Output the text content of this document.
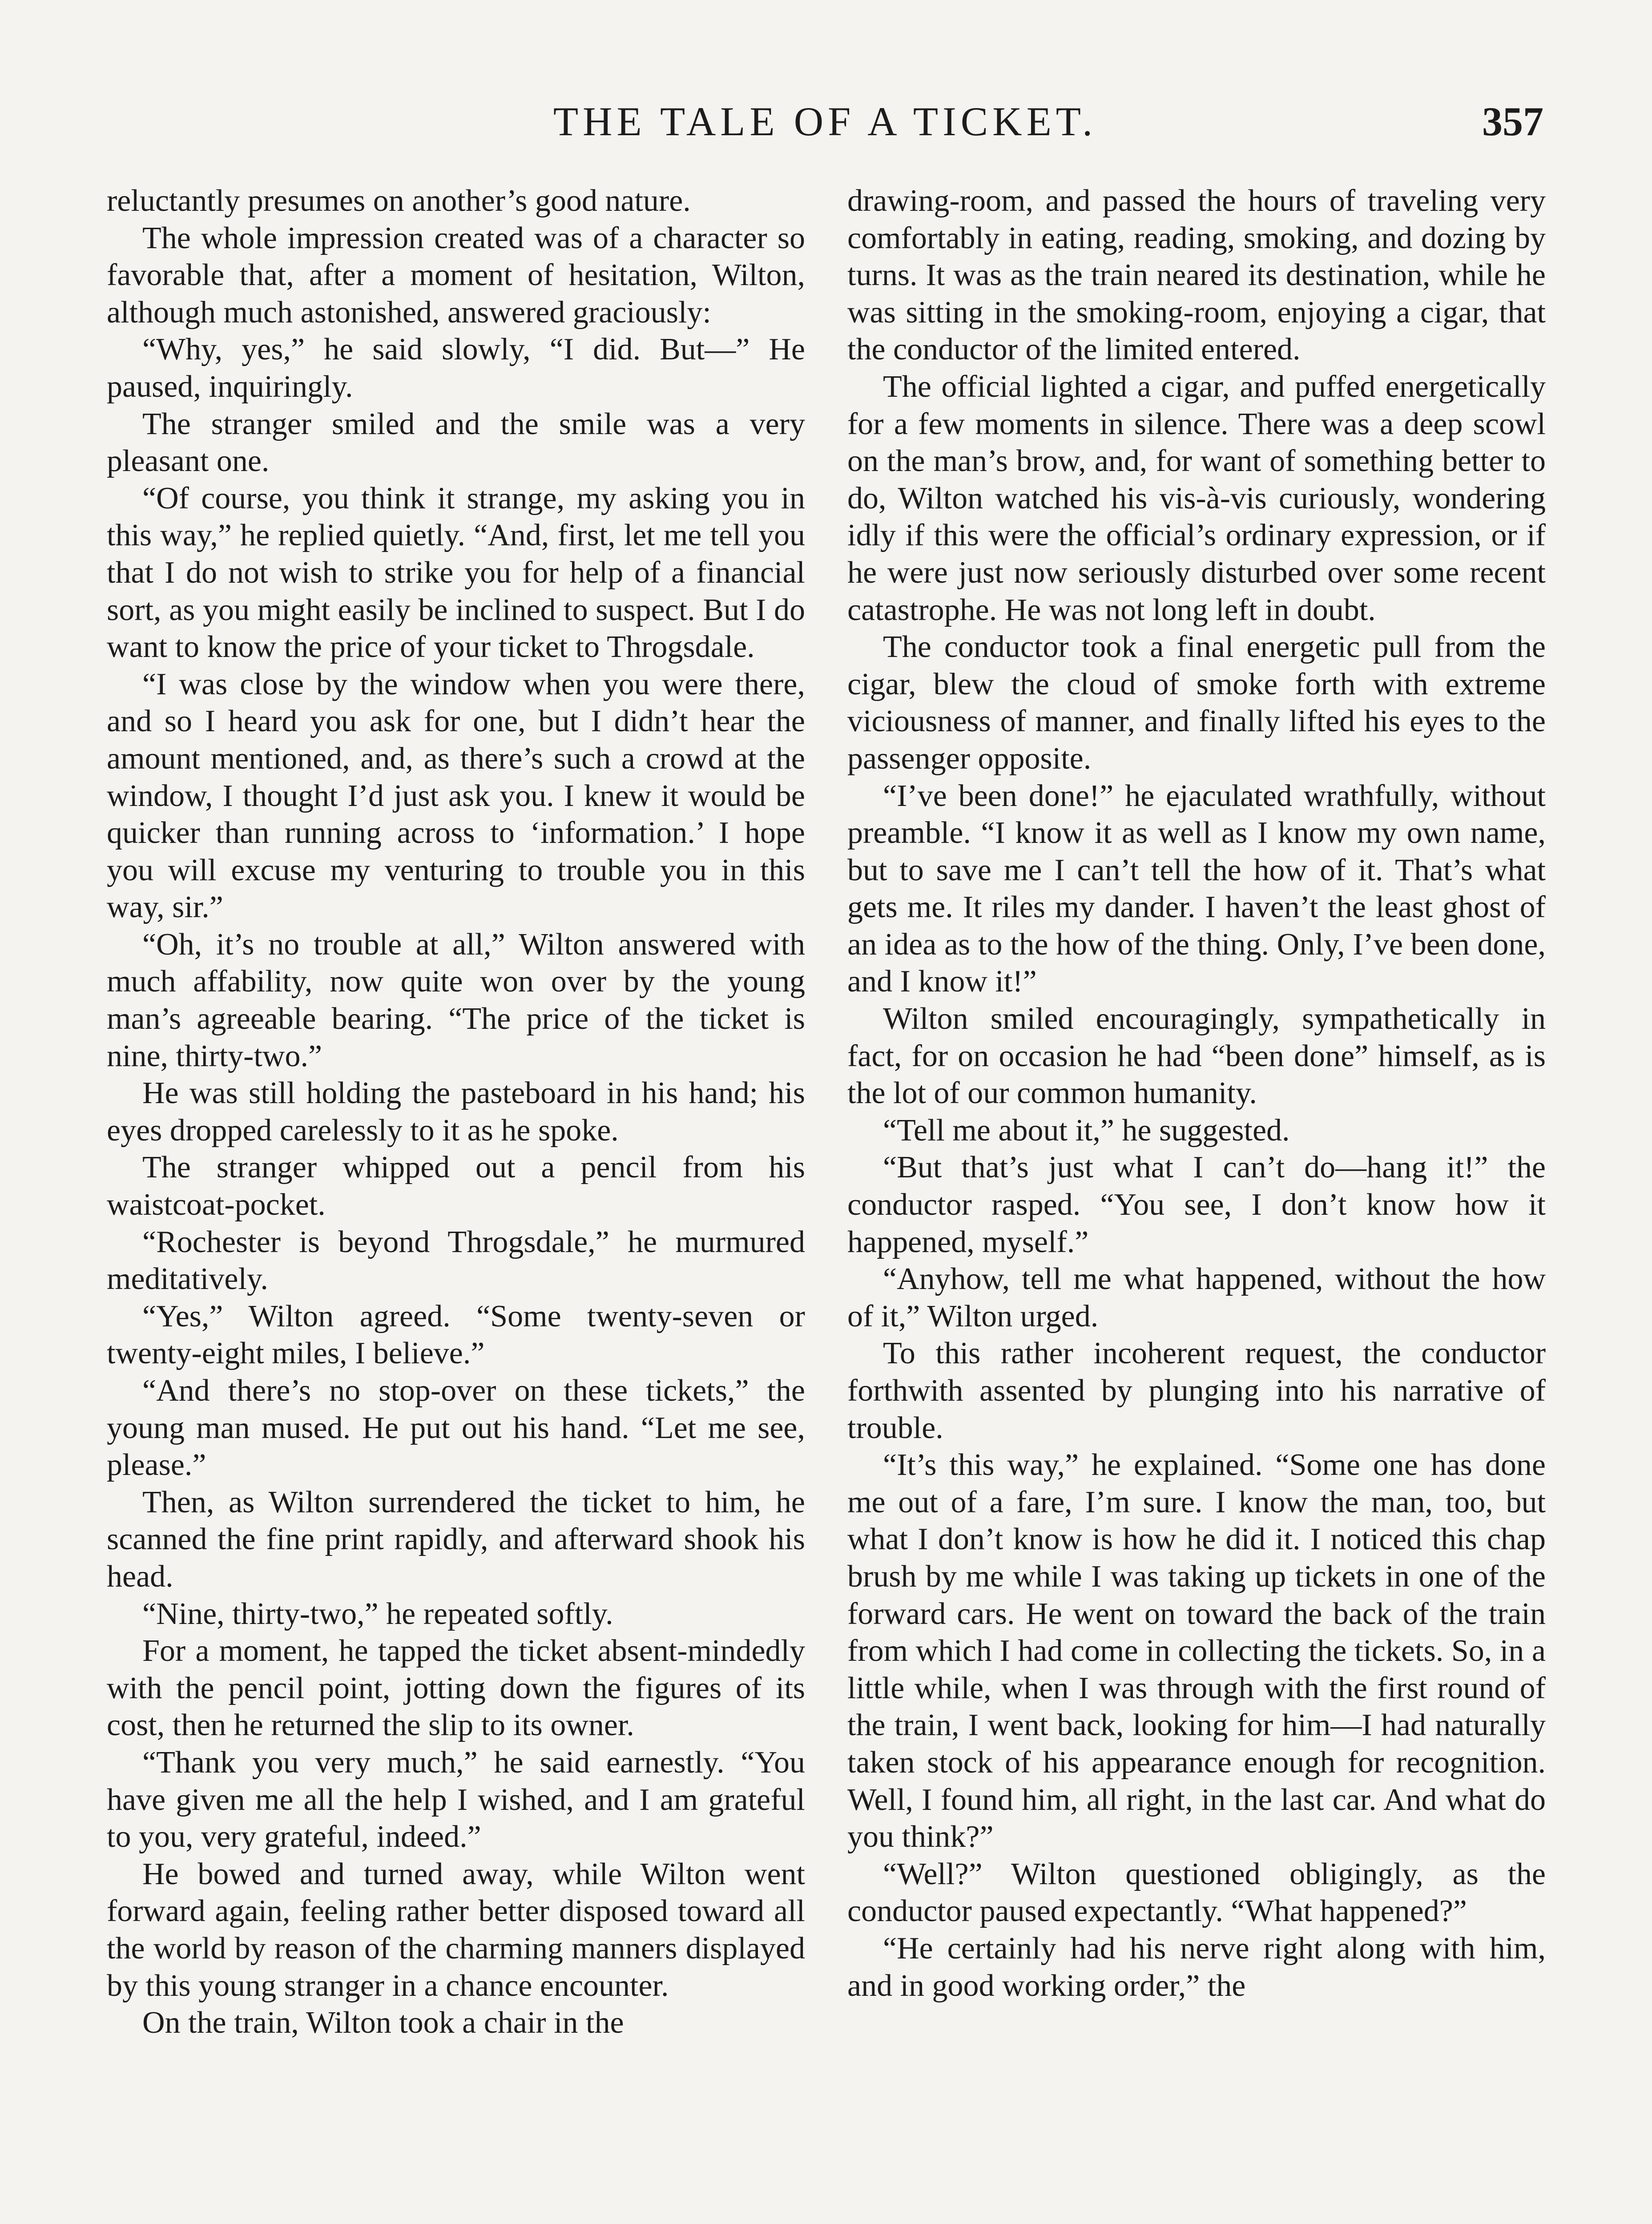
THE TALE OF A TICKET.	357

reluctantly presumes on another’s good nature.

The whole impression created was of a character so favorable that, after a moment of hesitation, Wilton, although much astonished, answered graciously:

“Why, yes,” he said slowly, “I did. But—” He paused, inquiringly.

The stranger smiled and the smile was a very pleasant one.

“Of course, you think it strange, my asking you in this way,” he replied quietly. “And, first, let me tell you that I do not wish to strike you for help of a financial sort, as you might easily be inclined to suspect. But I do want to know the price of your ticket to Throgsdale.

“I was close by the window when you were there, and so I heard you ask for one, but I didn’t hear the amount mentioned, and, as there’s such a crowd at the window, I thought I’d just ask you. I knew it would be quicker than running across to ‘information.’ I hope you will excuse my venturing to trouble you in this way, sir.”

“Oh, it’s no trouble at all,” Wilton answered with much affability, now quite won over by the young man’s agreeable bearing. “The price of the ticket is nine, thirty-two.”

He was still holding the pasteboard in his hand; his eyes dropped carelessly to it as he spoke.

The stranger whipped out a pencil from his waistcoat-pocket.

“Rochester is beyond Throgsdale,” he murmured meditatively.

“Yes,” Wilton agreed. “Some twenty-seven or twenty-eight miles, I believe.”

“And there’s no stop-over on these tickets,” the young man mused. He put out his hand. “Let me see, please.”

Then, as Wilton surrendered the ticket to him, he scanned the fine print rapidly, and afterward shook his head.

“Nine, thirty-two,” he repeated softly.

For a moment, he tapped the ticket absent-mindedly with the pencil point, jotting down the figures of its cost, then he returned the slip to its owner.

“Thank you very much,” he said earnestly. “You have given me all the help I wished, and I am grateful to you, very grateful, indeed.”

He bowed and turned away, while Wilton went forward again, feeling rather better disposed toward all the world by reason of the charming manners displayed by this young stranger in a chance encounter.

On the train, Wilton took a chair in the

drawing-room, and passed the hours of traveling very comfortably in eating, reading, smoking, and dozing by turns. It was as the train neared its destination, while he was sitting in the smoking-room, enjoying a cigar, that the conductor of the limited entered.

The official lighted a cigar, and puffed energetically for a few moments in silence. There was a deep scowl on the man’s brow, and, for want of something better to do, Wilton watched his vis-à-vis curiously, wondering idly if this were the official’s ordinary expression, or if he were just now seriously disturbed over some recent catastrophe. He was not long left in doubt.

The conductor took a final energetic pull from the cigar, blew the cloud of smoke forth with extreme viciousness of manner, and finally lifted his eyes to the passenger opposite.

“I’ve been done!” he ejaculated wrathfully, without preamble. “I know it as well as I know my own name, but to save me I can’t tell the how of it. That’s what gets me. It riles my dander. I haven’t the least ghost of an idea as to the how of the thing. Only, I’ve been done, and I know it!”

Wilton smiled encouragingly, sympathetically in fact, for on occasion he had “been done” himself, as is the lot of our common humanity.

“Tell me about it,” he suggested.

“But that’s just what I can’t do—hang it!” the conductor rasped. “You see, I don’t know how it happened, myself.”

“Anyhow, tell me what happened, without the how of it,” Wilton urged.

To this rather incoherent request, the conductor forthwith assented by plunging into his narrative of trouble.

“It’s this way,” he explained. “Some one has done me out of a fare, I’m sure. I know the man, too, but what I don’t know is how he did it. I noticed this chap brush by me while I was taking up tickets in one of the forward cars. He went on toward the back of the train from which I had come in collecting the tickets. So, in a little while, when I was through with the first round of the train, I went back, looking for him—I had naturally taken stock of his appearance enough for recognition. Well, I found him, all right, in the last car. And what do you think?”

“Well?” Wilton questioned obligingly, as the conductor paused expectantly. “What happened?”

“He certainly had his nerve right along with him, and in good working order,” the
